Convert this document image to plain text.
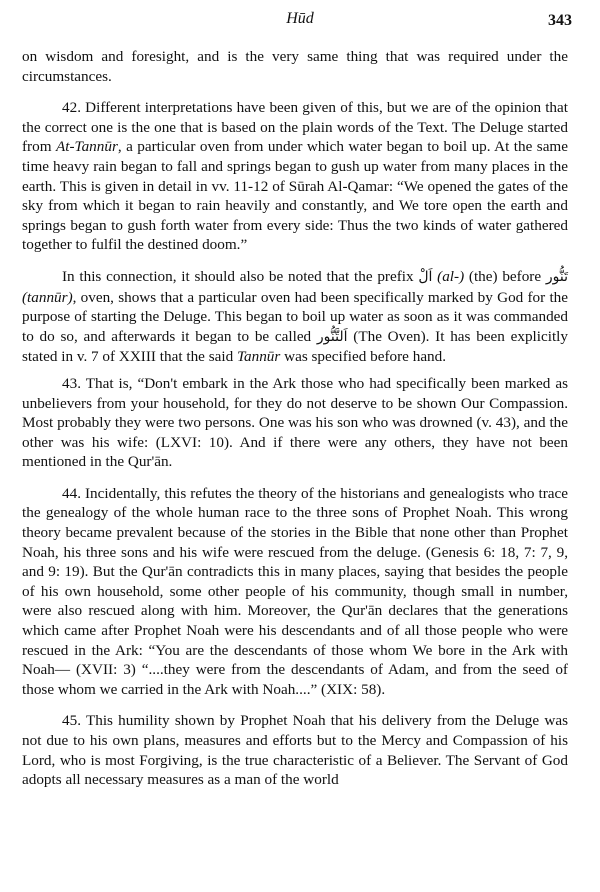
Hūd	343

on wisdom and foresight, and is the very same thing that was required under the circumstances.

42. Different interpretations have been given of this, but we are of the opinion that the correct one is the one that is based on the plain words of the Text. The Deluge started from At-Tannūr, a particular oven from under which water began to boil up. At the same time heavy rain began to fall and springs began to gush up water from many places in the earth. This is given in detail in vv. 11-12 of Sūrah Al-Qamar: “We opened the gates of the sky from which it began to rain heavily and constantly, and We tore open the earth and springs began to gush forth water from every side: Thus the two kinds of water gathered together to fulfil the destined doom.”

In this connection, it should also be noted that the prefix اَلْ (al-) (the) before تَنُّور (tannūr), oven, shows that a particular oven had been specifically marked by God for the purpose of starting the Deluge. This began to boil up water as soon as it was commanded to do so, and afterwards it began to be called اَلتَّنُّور (The Oven). It has been explicitly stated in v. 7 of XXIII that the said Tannūr was specified before hand.

43. That is, “Don't embark in the Ark those who had specifically been marked as unbelievers from your household, for they do not deserve to be shown Our Compassion. Most probably they were two persons. One was his son who was drowned (v. 43), and the other was his wife: (LXVI: 10). And if there were any others, they have not been mentioned in the Qur'ān.

44. Incidentally, this refutes the theory of the historians and genealogists who trace the genealogy of the whole human race to the three sons of Prophet Noah. This wrong theory became prevalent because of the stories in the Bible that none other than Prophet Noah, his three sons and his wife were rescued from the deluge. (Genesis 6: 18, 7: 7, 9, and 9: 19). But the Qur'ān contradicts this in many places, saying that besides the people of his own household, some other people of his community, though small in number, were also rescued along with him. Moreover, the Qur'ān declares that the generations which came after Prophet Noah were his descendants and of all those people who were rescued in the Ark: “You are the descendants of those whom We bore in the Ark with Noah— (XVII: 3) “....they were from the descendants of Adam, and from the seed of those whom we carried in the Ark with Noah....” (XIX: 58).

45. This humility shown by Prophet Noah that his delivery from the Deluge was not due to his own plans, measures and efforts but to the Mercy and Compassion of his Lord, who is most Forgiving, is the true characteristic of a Believer. The Servant of God adopts all necessary measures as a man of the world
